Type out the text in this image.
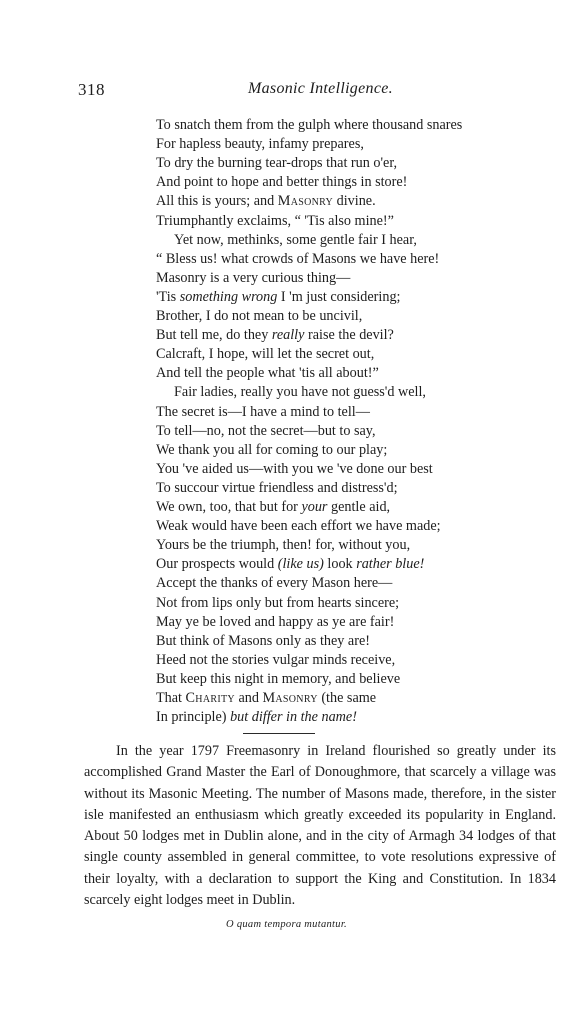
318	Masonic Intelligence.
To snatch them from the gulph where thousand snares
For hapless beauty, infamy prepares,
To dry the burning tear-drops that run o'er,
And point to hope and better things in store!
All this is yours; and Masonry divine.
Triumphantly exclaims, “ 'Tis also mine!”
Yet now, methinks, some gentle fair I hear,
“ Bless us! what crowds of Masons we have here!
Masonry is a very curious thing—
'Tis something wrong I 'm just considering;
Brother, I do not mean to be uncivil,
But tell me, do they really raise the devil?
Calcraft, I hope, will let the secret out,
And tell the people what 'tis all about!”
Fair ladies, really you have not guess'd well,
The secret is—I have a mind to tell—
To tell—no, not the secret—but to say,
We thank you all for coming to our play;
You 've aided us—with you we 've done our best
To succour virtue friendless and distress'd;
We own, too, that but for your gentle aid,
Weak would have been each effort we have made;
Yours be the triumph, then! for, without you,
Our prospects would (like us) look rather blue!
Accept the thanks of every Mason here—
Not from lips only but from hearts sincere;
May ye be loved and happy as ye are fair!
But think of Masons only as they are!
Heed not the stories vulgar minds receive,
But keep this night in memory, and believe
That Charity and Masonry (the same
In principle) but differ in the name!

In the year 1797 Freemasonry in Ireland flourished so greatly under its accomplished Grand Master the Earl of Donoughmore, that scarcely a village was without its Masonic Meeting. The number of Masons made, therefore, in the sister isle manifested an enthusiasm which greatly exceeded its popularity in England. About 50 lodges met in Dublin alone, and in the city of Armagh 34 lodges of that single county assembled in general committee, to vote resolutions expressive of their loyalty, with a declaration to support the King and Constitution. In 1834 scarcely eight lodges meet in Dublin.

O quam tempora mutantur.
